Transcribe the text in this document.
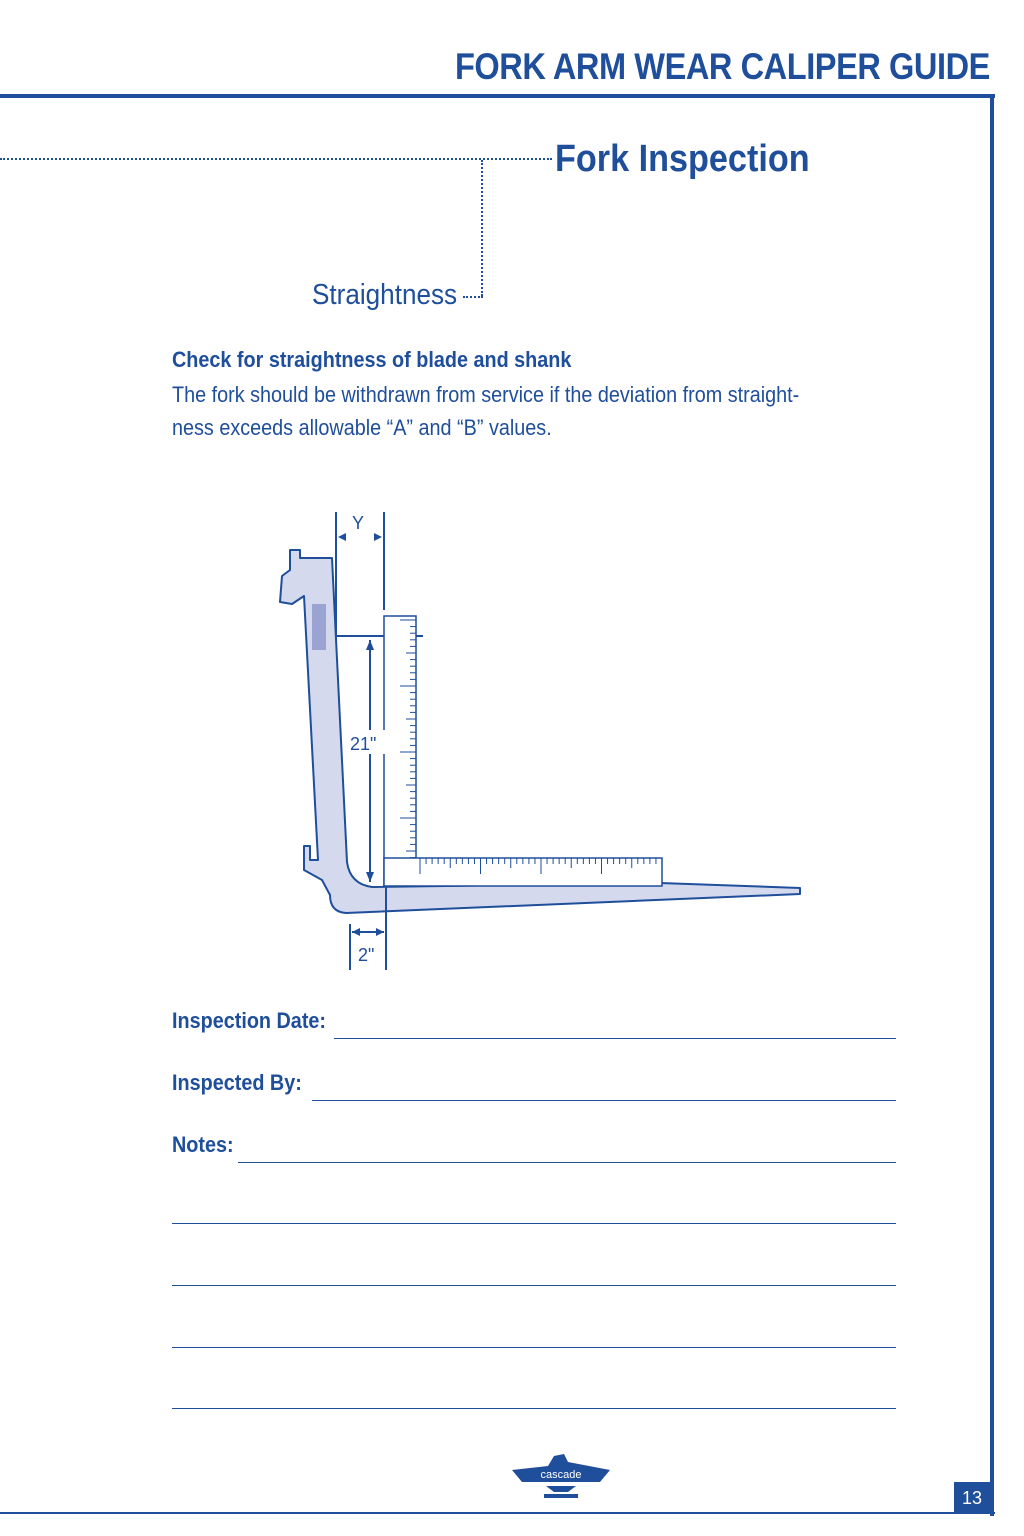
FORK ARM WEAR CALIPER GUIDE
Fork Inspection
Straightness
Check for straightness of blade and shank
The fork should be withdrawn from service if the deviation from straight-
ness exceeds allowable “A” and “B” values.
Y
21"
2"
Inspection Date:
Inspected By:
Notes:
cascade
13
